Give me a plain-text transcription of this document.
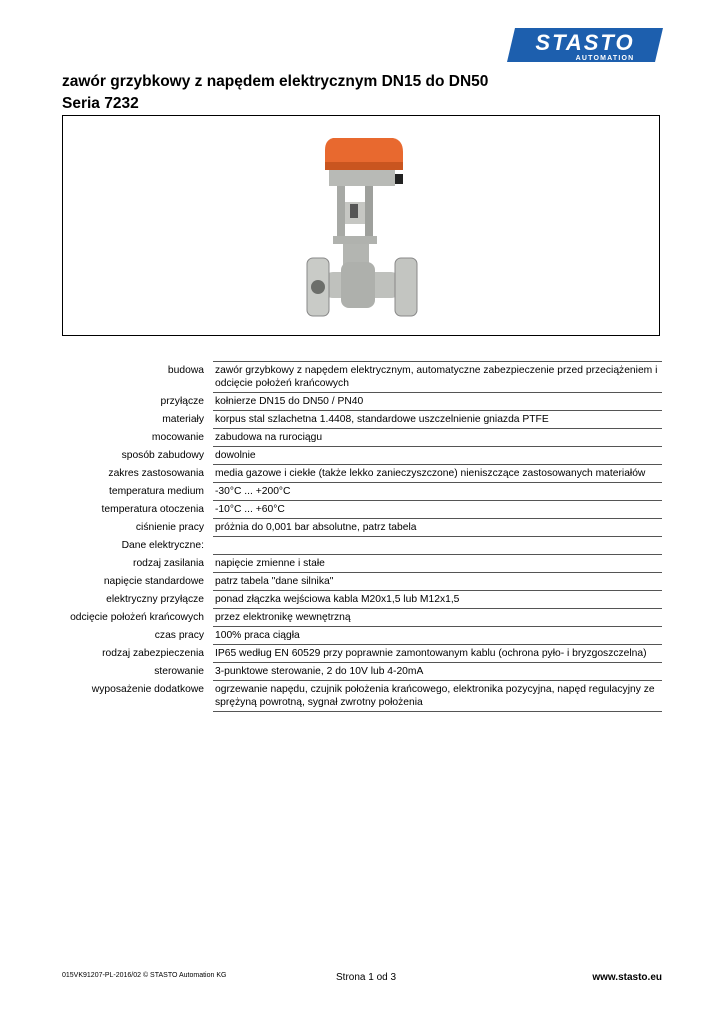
STASTO
AUTOMATION
zawór grzybkowy z napędem elektrycznym DN15 do DN50
Seria 7232
budowa	zawór grzybkowy z napędem elektrycznym, automatyczne zabezpieczenie przed przeciążeniem i odcięcie położeń krańcowych
przyłącze	kołnierze DN15 do DN50 / PN40
materiały	korpus stal szlachetna 1.4408, standardowe uszczelnienie gniazda PTFE
mocowanie	zabudowa na rurociągu
sposób zabudowy	dowolnie
zakres zastosowania	media gazowe i ciekłe (także lekko zanieczyszczone) nieniszczące zastosowanych materiałów
temperatura medium	-30°C ... +200°C
temperatura otoczenia	-10°C ... +60°C
ciśnienie pracy	próżnia do 0,001 bar absolutne, patrz tabela
Dane elektryczne:	
rodzaj zasilania	napięcie zmienne i stałe
napięcie standardowe	patrz tabela "dane silnika"
elektryczny przyłącze	ponad złączka wejściowa kabla M20x1,5 lub M12x1,5
odcięcie położeń krańcowych	przez elektronikę wewnętrzną
czas pracy	100% praca ciągła
rodzaj zabezpieczenia	IP65 według EN 60529 przy poprawnie zamontowanym kablu (ochrona pyło- i bryzgoszczelna)
sterowanie	3-punktowe sterowanie, 2 do 10V lub 4-20mA
wyposażenie dodatkowe	ogrzewanie napędu, czujnik położenia krańcowego, elektronika pozycyjna, napęd regulacyjny ze sprężyną powrotną, sygnał zwrotny położenia
015VK91207-PL-2016/02 © STASTO Automation KG	Strona 1 od 3	www.stasto.eu
